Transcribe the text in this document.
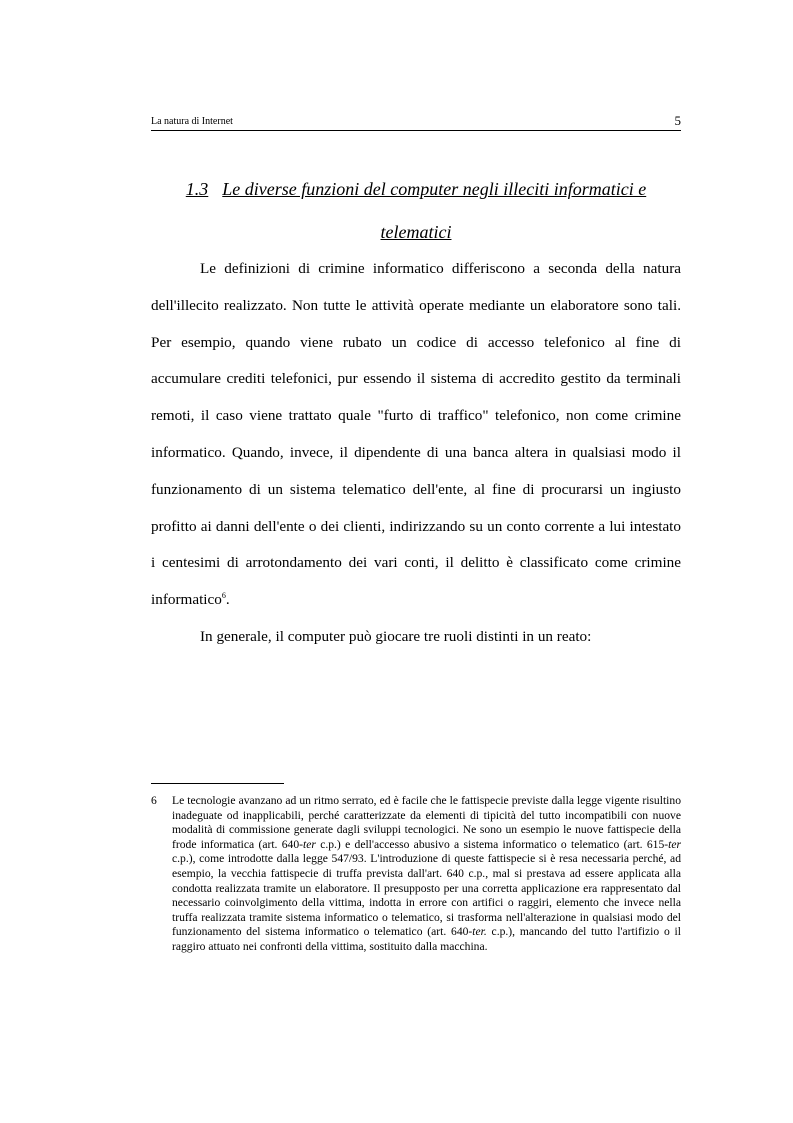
La natura di Internet	5
1.3 Le diverse funzioni del computer negli illeciti informatici e telematici

Le definizioni di crimine informatico differiscono a seconda della natura dell'illecito realizzato. Non tutte le attività operate mediante un elaboratore sono tali. Per esempio, quando viene rubato un codice di accesso telefonico al fine di accumulare crediti telefonici, pur essendo il sistema di accredito gestito da terminali remoti, il caso viene trattato quale "furto di traffico" telefonico, non come crimine informatico. Quando, invece, il dipendente di una banca altera in qualsiasi modo il funzionamento di un sistema telematico dell'ente, al fine di procurarsi un ingiusto profitto ai danni dell'ente o dei clienti, indirizzando su un conto corrente a lui intestato i centesimi di arrotondamento dei vari conti, il delitto è classificato come crimine informatico$^6$.

In generale, il computer può giocare tre ruoli distinti in un reato:

6 Le tecnologie avanzano ad un ritmo serrato, ed è facile che le fattispecie previste dalla legge vigente risultino inadeguate od inapplicabili, perché caratterizzate da elementi di tipicità del tutto incompatibili con nuove modalità di commissione generate dagli sviluppi tecnologici. Ne sono un esempio le nuove fattispecie della frode informatica (art. 640-ter c.p.) e dell'accesso abusivo a sistema informatico o telematico (art. 615-ter c.p.), come introdotte dalla legge 547/93. L'introduzione di queste fattispecie si è resa necessaria perché, ad esempio, la vecchia fattispecie di truffa prevista dall'art. 640 c.p., mal si prestava ad essere applicata alla condotta realizzata tramite un elaboratore. Il presupposto per una corretta applicazione era rappresentato dal necessario coinvolgimento della vittima, indotta in errore con artifici o raggiri, elemento che invece nella truffa realizzata tramite sistema informatico o telematico, si trasforma nell'alterazione in qualsiasi modo del funzionamento del sistema informatico o telematico (art. 640-ter. c.p.), mancando del tutto l'artifizio o il raggiro attuato nei confronti della vittima, sostituito dalla macchina.
